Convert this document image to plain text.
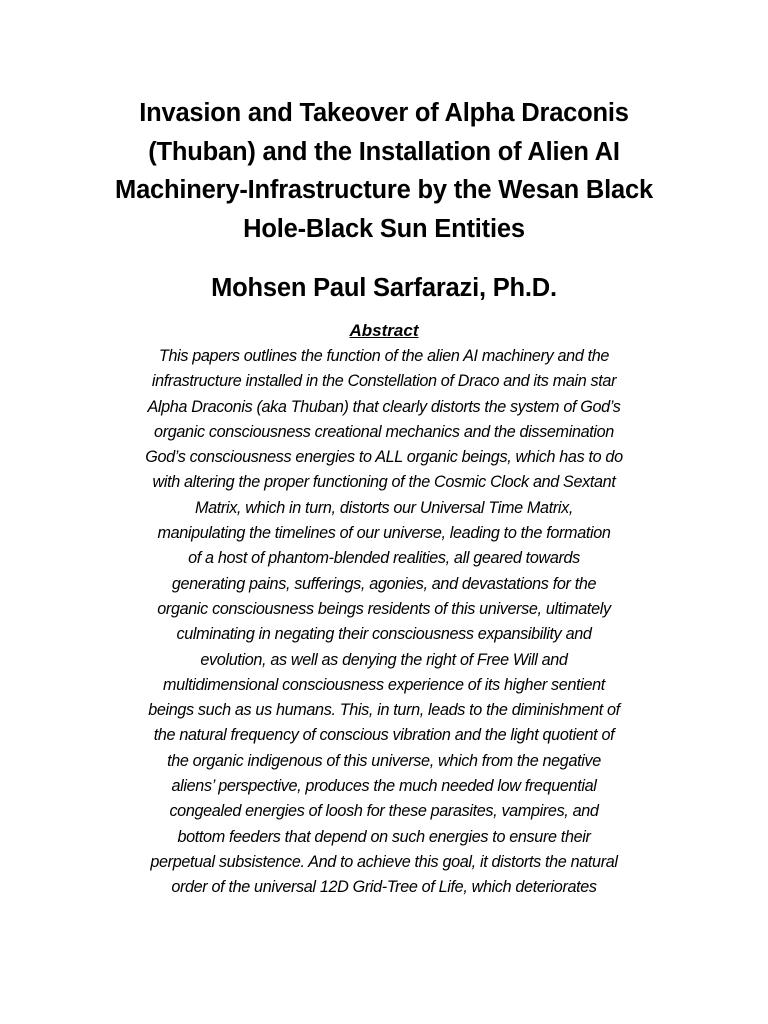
Invasion and Takeover of Alpha Draconis
(Thuban) and the Installation of Alien AI
Machinery-Infrastructure by the Wesan Black
Hole-Black Sun Entities
Mohsen Paul Sarfarazi, Ph.D.
Abstract

This papers outlines the function of the alien AI machinery and the
infrastructure installed in the Constellation of Draco and its main star
Alpha Draconis (aka Thuban) that clearly distorts the system of God’s
organic consciousness creational mechanics and the dissemination
God’s consciousness energies to ALL organic beings, which has to do
with altering the proper functioning of the Cosmic Clock and Sextant
Matrix, which in turn, distorts our Universal Time Matrix,
manipulating the timelines of our universe, leading to the formation
of a host of phantom-blended realities, all geared towards
generating pains, sufferings, agonies, and devastations for the
organic consciousness beings residents of this universe, ultimately
culminating in negating their consciousness expansibility and
evolution, as well as denying the right of Free Will and
multidimensional consciousness experience of its higher sentient
beings such as us humans. This, in turn, leads to the diminishment of
the natural frequency of conscious vibration and the light quotient of
the organic indigenous of this universe, which from the negative
aliens’ perspective, produces the much needed low frequential
congealed energies of loosh for these parasites, vampires, and
bottom feeders that depend on such energies to ensure their
perpetual subsistence. And to achieve this goal, it distorts the natural
order of the universal 12D Grid-Tree of Life, which deteriorates
